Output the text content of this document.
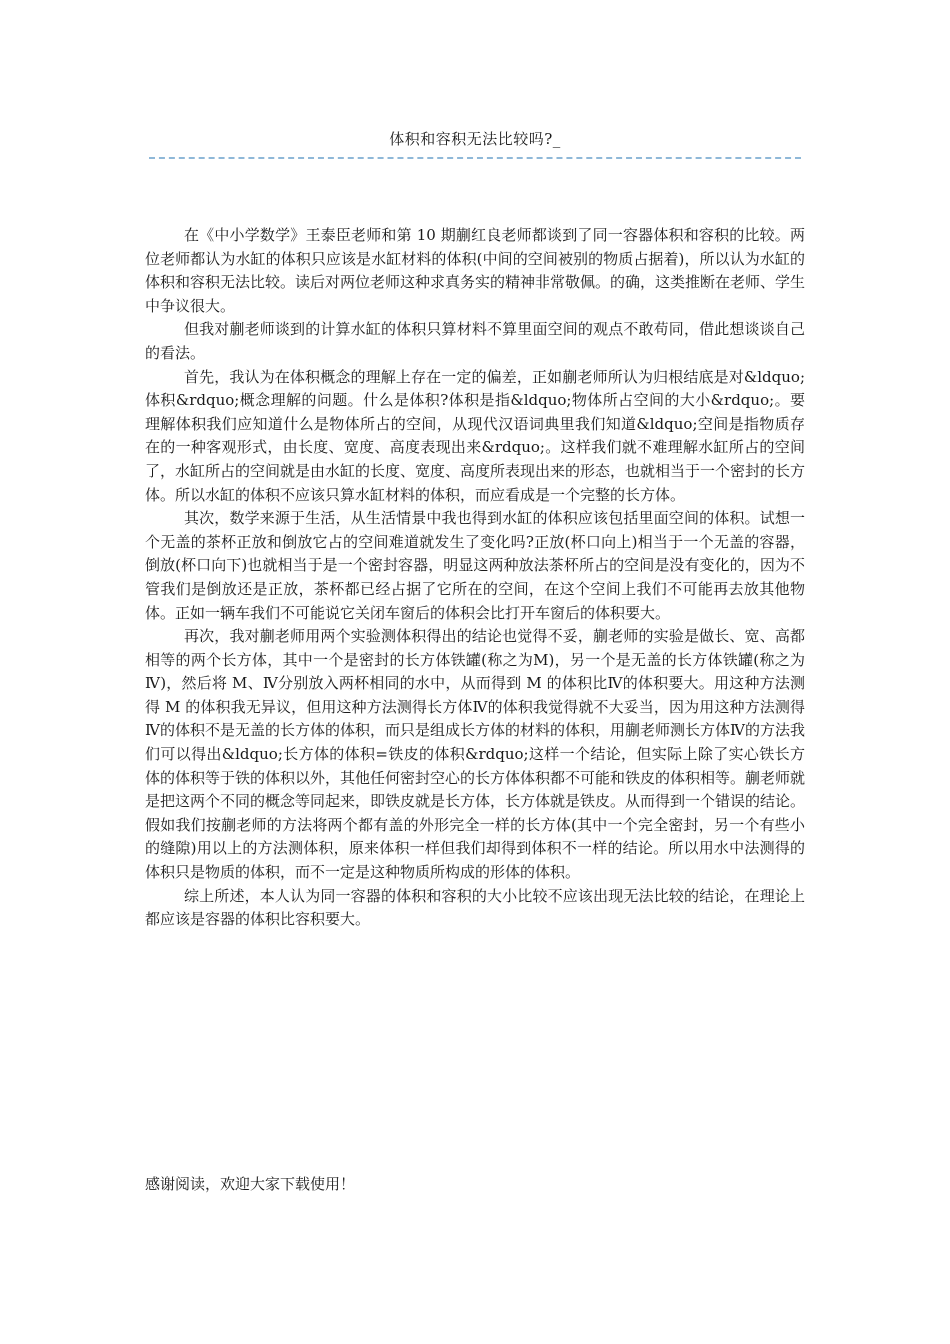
体积和容积无法比较吗?_

在《中小学数学》王泰臣老师和第 10 期蒯红良老师都谈到了同一容器体积和容积的比较。两位老师都认为水缸的体积只应该是水缸材料的体积(中间的空间被别的物质占据着)，所以认为水缸的体积和容积无法比较。读后对两位老师这种求真务实的精神非常敬佩。的确，这类推断在老师、学生中争议很大。

但我对蒯老师谈到的计算水缸的体积只算材料不算里面空间的观点不敢苟同，借此想谈谈自己的看法。

首先，我认为在体积概念的理解上存在一定的偏差，正如蒯老师所认为归根结底是对&ldquo;体积&rdquo;概念理解的问题。什么是体积?体积是指&ldquo;物体所占空间的大小&rdquo;。要理解体积我们应知道什么是物体所占的空间，从现代汉语词典里我们知道&ldquo;空间是指物质存在的一种客观形式，由长度、宽度、高度表现出来&rdquo;。这样我们就不难理解水缸所占的空间了，水缸所占的空间就是由水缸的长度、宽度、高度所表现出来的形态，也就相当于一个密封的长方体。所以水缸的体积不应该只算水缸材料的体积，而应看成是一个完整的长方体。

其次，数学来源于生活，从生活情景中我也得到水缸的体积应该包括里面空间的体积。试想一个无盖的茶杯正放和倒放它占的空间难道就发生了变化吗?正放(杯口向上)相当于一个无盖的容器，倒放(杯口向下)也就相当于是一个密封容器，明显这两种放法茶杯所占的空间是没有变化的，因为不管我们是倒放还是正放，茶杯都已经占据了它所在的空间，在这个空间上我们不可能再去放其他物体。正如一辆车我们不可能说它关闭车窗后的体积会比打开车窗后的体积要大。

再次，我对蒯老师用两个实验测体积得出的结论也觉得不妥，蒯老师的实验是做长、宽、高都相等的两个长方体，其中一个是密封的长方体铁罐(称之为M)，另一个是无盖的长方体铁罐(称之为Ⅳ)，然后将 M、Ⅳ分别放入两杯相同的水中，从而得到 M 的体积比Ⅳ的体积要大。用这种方法测得 M 的体积我无异议，但用这种方法测得长方体Ⅳ的体积我觉得就不大妥当，因为用这种方法测得Ⅳ的体积不是无盖的长方体的体积，而只是组成长方体的材料的体积，用蒯老师测长方体Ⅳ的方法我们可以得出&ldquo;长方体的体积=铁皮的体积&rdquo;这样一个结论，但实际上除了实心铁长方体的体积等于铁的体积以外，其他任何密封空心的长方体体积都不可能和铁皮的体积相等。蒯老师就是把这两个不同的概念等同起来，即铁皮就是长方体，长方体就是铁皮。从而得到一个错误的结论。假如我们按蒯老师的方法将两个都有盖的外形完全一样的长方体(其中一个完全密封，另一个有些小的缝隙)用以上的方法测体积，原来体积一样但我们却得到体积不一样的结论。所以用水中法测得的体积只是物质的体积，而不一定是这种物质所构成的形体的体积。

综上所述，本人认为同一容器的体积和容积的大小比较不应该出现无法比较的结论，在理论上都应该是容器的体积比容积要大。

感谢阅读，欢迎大家下载使用！
